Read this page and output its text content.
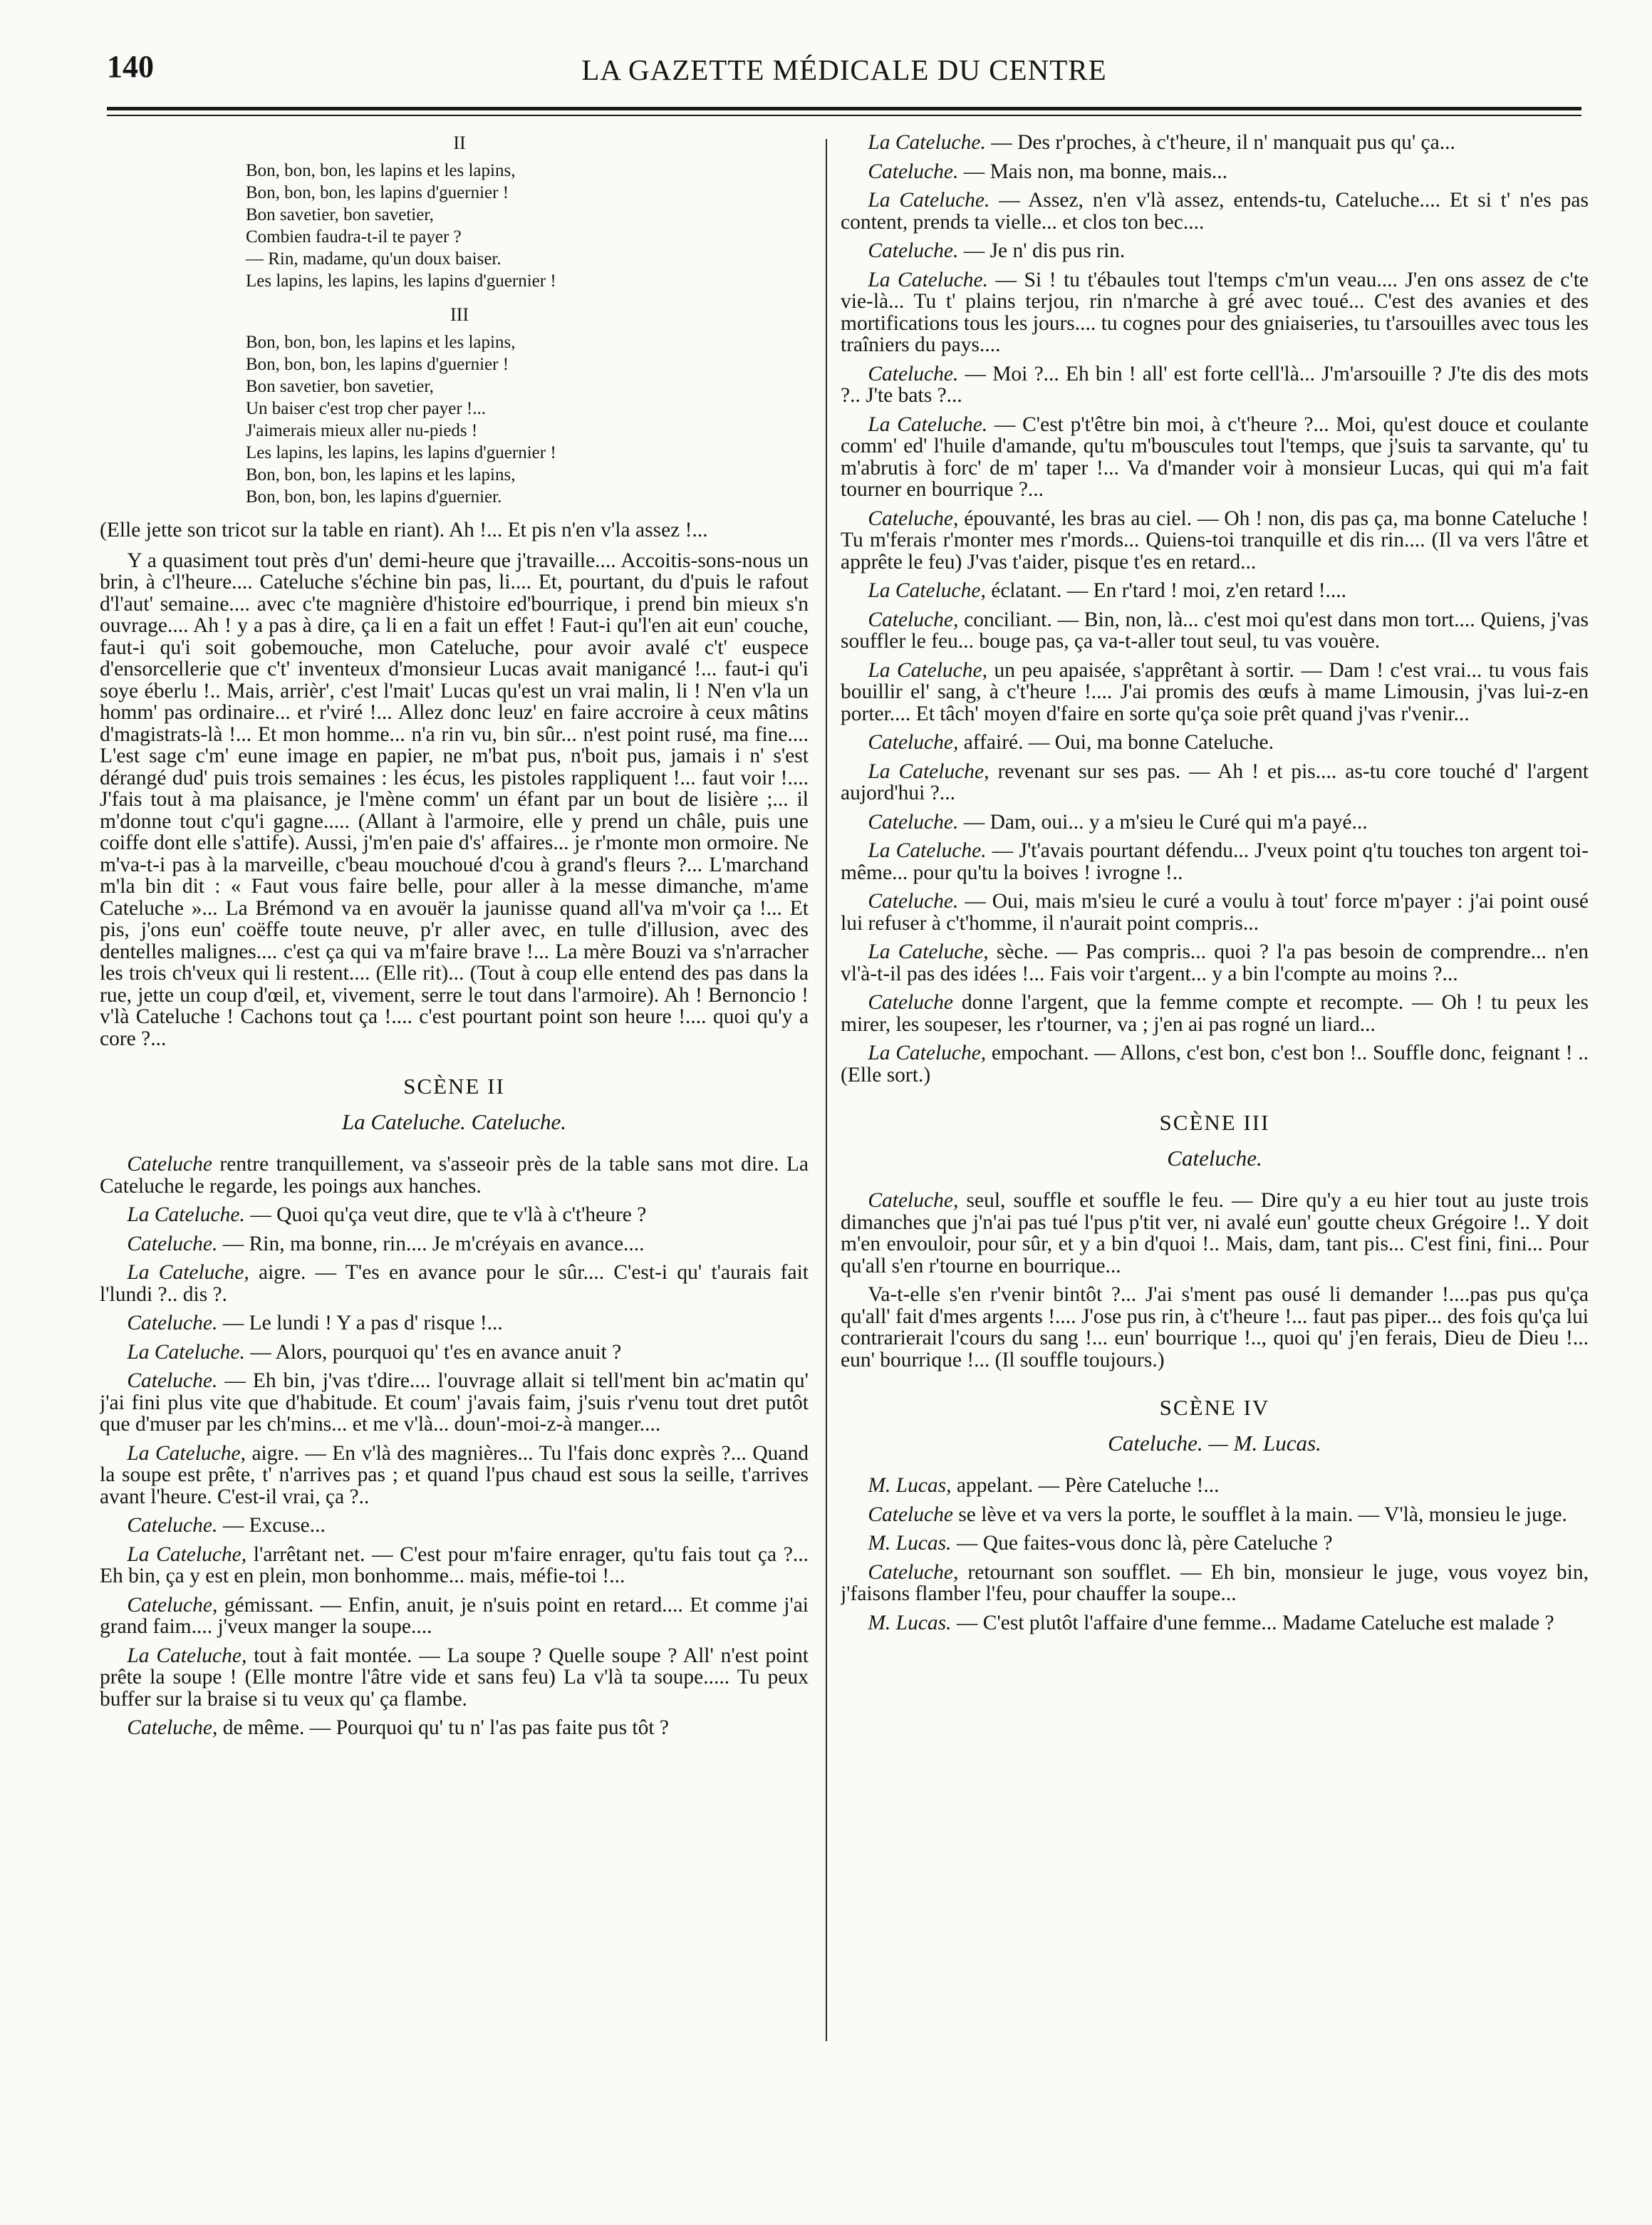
140	LA GAZETTE MÉDICALE DU CENTRE
II
Bon, bon, bon, les lapins et les lapins,
Bon, bon, bon, les lapins d'guernier !
Bon savetier, bon savetier,
Combien faudra-t-il te payer ?
— Rin, madame, qu'un doux baiser.
Les lapins, les lapins, les lapins d'guernier !
III
Bon, bon, bon, les lapins et les lapins,
Bon, bon, bon, les lapins d'guernier !
Bon savetier, bon savetier,
Un baiser c'est trop cher payer !...
J'aimerais mieux aller nu-pieds !
Les lapins, les lapins, les lapins d'guernier !
Bon, bon, bon, les lapins et les lapins,
Bon, bon, bon, les lapins d'guernier.

(Elle jette son tricot sur la table en riant). Ah !... Et pis n'en v'la assez !...

Y a quasiment tout près d'un' demi-heure que j'travaille.... Accoitis-sons-nous un brin, à c'l'heure.... Cateluche s'échine bin pas, li.... Et, pourtant, du d'puis le rafout d'l'aut' semaine.... avec c'te magnière d'histoire ed'bourrique, i prend bin mieux s'n ouvrage.... Ah ! y a pas à dire, ça li en a fait un effet ! Faut-i qu'l'en ait eun' couche, faut-i qu'i soit gobemouche, mon Cateluche, pour avoir avalé c't' euspece d'ensorcellerie que c't' inventeux d'monsieur Lucas avait manigancé !... faut-i qu'i soye éberlu !.. Mais, arrièr', c'est l'mait' Lucas qu'est un vrai malin, li ! N'en v'la un homm' pas ordinaire... et r'viré !... Allez donc leuz' en faire accroire à ceux mâtins d'magistrats-là !... Et mon homme... n'a rin vu, bin sûr... n'est point rusé, ma fine.... L'est sage c'm' eune image en papier, ne m'bat pus, n'boit pus, jamais i n' s'est dérangé dud' puis trois semaines : les écus, les pistoles rappliquent !... faut voir !.... J'fais tout à ma plaisance, je l'mène comm' un éfant par un bout de lisière ;... il m'donne tout c'qu'i gagne..... (Allant à l'armoire, elle y prend un châle, puis une coiffe dont elle s'attife). Aussi, j'm'en paie d's' affaires... je r'monte mon ormoire. Ne m'va-t-i pas à la marveille, c'beau mouchoué d'cou à grand's fleurs ?... L'marchand m'la bin dit : « Faut vous faire belle, pour aller à la messe dimanche, m'ame Cateluche »... La Brémond va en avouër la jaunisse quand all'va m'voir ça !... Et pis, j'ons eun' coëffe toute neuve, p'r aller avec, en tulle d'illusion, avec des dentelles malignes.... c'est ça qui va m'faire brave !... La mère Bouzi va s'n'arracher les trois ch'veux qui li restent.... (Elle rit)... (Tout à coup elle entend des pas dans la rue, jette un coup d'œil, et, vivement, serre le tout dans l'armoire). Ah ! Bernoncio ! v'là Cateluche ! Cachons tout ça !.... c'est pourtant point son heure !.... quoi qu'y a core ?...

SCÈNE II
La Cateluche. Cateluche.

Cateluche rentre tranquillement, va s'asseoir près de la table sans mot dire. La Cateluche le regarde, les poings aux hanches.

La Cateluche. — Quoi qu'ça veut dire, que te v'là à c't'heure ?

Cateluche. — Rin, ma bonne, rin.... Je m'créyais en avance....

La Cateluche, aigre. — T'es en avance pour le sûr.... C'est-i qu' t'aurais fait l'lundi ?.. dis ?.

Cateluche. — Le lundi ! Y a pas d' risque !...

La Cateluche. — Alors, pourquoi qu' t'es en avance anuit ?

Cateluche. — Eh bin, j'vas t'dire.... l'ouvrage allait si tell'ment bin ac'matin qu' j'ai fini plus vite que d'habitude. Et coum' j'avais faim, j'suis r'venu tout dret putôt que d'muser par les ch'mins... et me v'là... doun'-moi-z-à manger....

La Cateluche, aigre. — En v'là des magnières... Tu l'fais donc exprès ?... Quand la soupe est prête, t' n'arrives pas ; et quand l'pus chaud est sous la seille, t'arrives avant l'heure. C'est-il vrai, ça ?..

Cateluche. — Excuse...

La Cateluche, l'arrêtant net. — C'est pour m'faire enrager, qu'tu fais tout ça ?... Eh bin, ça y est en plein, mon bonhomme... mais, méfie-toi !...

Cateluche, gémissant. — Enfin, anuit, je n'suis point en retard.... Et comme j'ai grand faim.... j'veux manger la soupe....

La Cateluche, tout à fait montée. — La soupe ? Quelle soupe ? All' n'est point prête la soupe ! (Elle montre l'âtre vide et sans feu) La v'là ta soupe..... Tu peux buffer sur la braise si tu veux qu' ça flambe.

Cateluche, de même. — Pourquoi qu' tu n' l'as pas faite pus tôt ?

La Cateluche. — Des r'proches, à c't'heure, il n' manquait pus qu' ça...

Cateluche. — Mais non, ma bonne, mais...

La Cateluche. — Assez, n'en v'là assez, entends-tu, Cateluche.... Et si t' n'es pas content, prends ta vielle... et clos ton bec....

Cateluche. — Je n' dis pus rin.

La Cateluche. — Si ! tu t'ébaules tout l'temps c'm'un veau.... J'en ons assez de c'te vie-là... Tu t' plains terjou, rin n'marche à gré avec toué... C'est des avanies et des mortifications tous les jours.... tu cognes pour des gniaiseries, tu t'arsouilles avec tous les traîniers du pays....

Cateluche. — Moi ?... Eh bin ! all' est forte cell'là... J'm'arsouille ? J'te dis des mots ?.. J'te bats ?...

La Cateluche. — C'est p't'être bin moi, à c't'heure ?... Moi, qu'est douce et coulante comm' ed' l'huile d'amande, qu'tu m'bouscules tout l'temps, que j'suis ta sarvante, qu' tu m'abrutis à forc' de m' taper !... Va d'mander voir à monsieur Lucas, qui qui m'a fait tourner en bourrique ?...

Cateluche, épouvanté, les bras au ciel. — Oh ! non, dis pas ça, ma bonne Cateluche ! Tu m'ferais r'monter mes r'mords... Quiens-toi tranquille et dis rin.... (Il va vers l'âtre et apprête le feu) J'vas t'aider, pisque t'es en retard...

La Cateluche, éclatant. — En r'tard ! moi, z'en retard !....

Cateluche, conciliant. — Bin, non, là... c'est moi qu'est dans mon tort.... Quiens, j'vas souffler le feu... bouge pas, ça va-t-aller tout seul, tu vas vouère.

La Cateluche, un peu apaisée, s'apprêtant à sortir. — Dam ! c'est vrai... tu vous fais bouillir el' sang, à c't'heure !.... J'ai promis des œufs à mame Limousin, j'vas lui-z-en porter.... Et tâch' moyen d'faire en sorte qu'ça soie prêt quand j'vas r'venir...

Cateluche, affairé. — Oui, ma bonne Cateluche.

La Cateluche, revenant sur ses pas. — Ah ! et pis.... as-tu core touché d' l'argent aujord'hui ?...

Cateluche. — Dam, oui... y a m'sieu le Curé qui m'a payé...

La Cateluche. — J't'avais pourtant défendu... J'veux point q'tu touches ton argent toi-même... pour qu'tu la boives ! ivrogne !..

Cateluche. — Oui, mais m'sieu le curé a voulu à tout' force m'payer : j'ai point ousé lui refuser à c't'homme, il n'aurait point compris...

La Cateluche, sèche. — Pas compris... quoi ? l'a pas besoin de comprendre... n'en vl'à-t-il pas des idées !... Fais voir t'argent... y a bin l'compte au moins ?...

Cateluche donne l'argent, que la femme compte et recompte. — Oh ! tu peux les mirer, les soupeser, les r'tourner, va ; j'en ai pas rogné un liard...

La Cateluche, empochant. — Allons, c'est bon, c'est bon !.. Souffle donc, feignant ! ..(Elle sort.)

SCÈNE III
Cateluche.

Cateluche, seul, souffle et souffle le feu. — Dire qu'y a eu hier tout au juste trois dimanches que j'n'ai pas tué l'pus p'tit ver, ni avalé eun' goutte cheux Grégoire !.. Y doit m'en envouloir, pour sûr, et y a bin d'quoi !.. Mais, dam, tant pis... C'est fini, fini... Pour qu'all s'en r'tourne en bourrique...

Va-t-elle s'en r'venir bintôt ?... J'ai s'ment pas ousé li demander !....pas pus qu'ça qu'all' fait d'mes argents !.... J'ose pus rin, à c't'heure !... faut pas piper... des fois qu'ça lui contrarierait l'cours du sang !... eun' bourrique !.., quoi qu' j'en ferais, Dieu de Dieu !... eun' bourrique !... (Il souffle toujours.)

SCÈNE IV
Cateluche. — M. Lucas.

M. Lucas, appelant. — Père Cateluche !...

Cateluche se lève et va vers la porte, le soufflet à la main. — V'là, monsieu le juge.

M. Lucas. — Que faites-vous donc là, père Cateluche ?

Cateluche, retournant son soufflet. — Eh bin, monsieur le juge, vous voyez bin, j'faisons flamber l'feu, pour chauffer la soupe...

M. Lucas. — C'est plutôt l'affaire d'une femme... Madame Cateluche est malade ?
